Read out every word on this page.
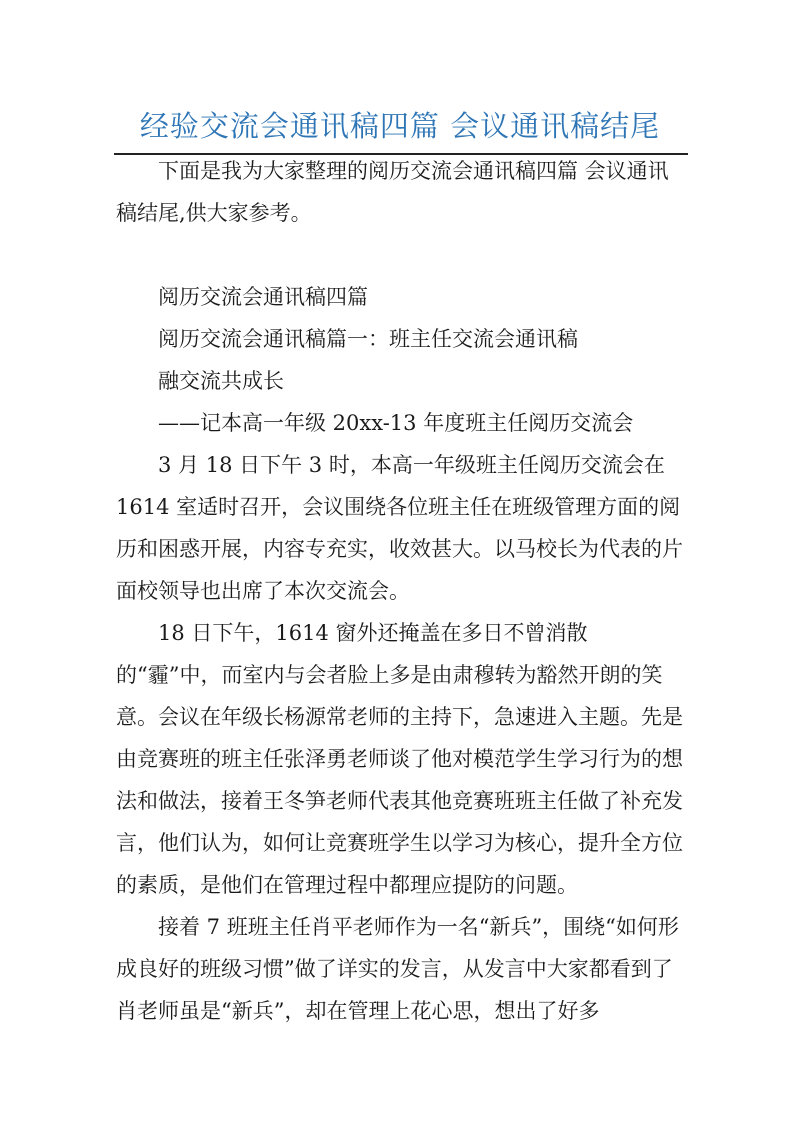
经验交流会通讯稿四篇 会议通讯稿结尾

下面是我为大家整理的阅历交流会通讯稿四篇 会议通讯稿结尾,供大家参考。

阅历交流会通讯稿四篇

阅历交流会通讯稿篇一：班主任交流会通讯稿

融交流共成长

——记本高一年级 20xx-13 年度班主任阅历交流会

3 月 18 日下午 3 时，本高一年级班主任阅历交流会在 1614 室适时召开，会议围绕各位班主任在班级管理方面的阅历和困惑开展，内容专充实，收效甚大。以马校长为代表的片面校领导也出席了本次交流会。

18 日下午，1614 窗外还掩盖在多日不曾消散的“霾”中，而室内与会者脸上多是由肃穆转为豁然开朗的笑意。会议在年级长杨源常老师的主持下，急速进入主题。先是由竞赛班的班主任张泽勇老师谈了他对模范学生学习行为的想法和做法，接着王冬笋老师代表其他竞赛班班主任做了补充发言，他们认为，如何让竞赛班学生以学习为核心，提升全方位的素质，是他们在管理过程中都理应提防的问题。

接着 7 班班主任肖平老师作为一名“新兵”，围绕“如何形成良好的班级习惯”做了详实的发言，从发言中大家都看到了肖老师虽是“新兵”，却在管理上花心思，想出了好多
